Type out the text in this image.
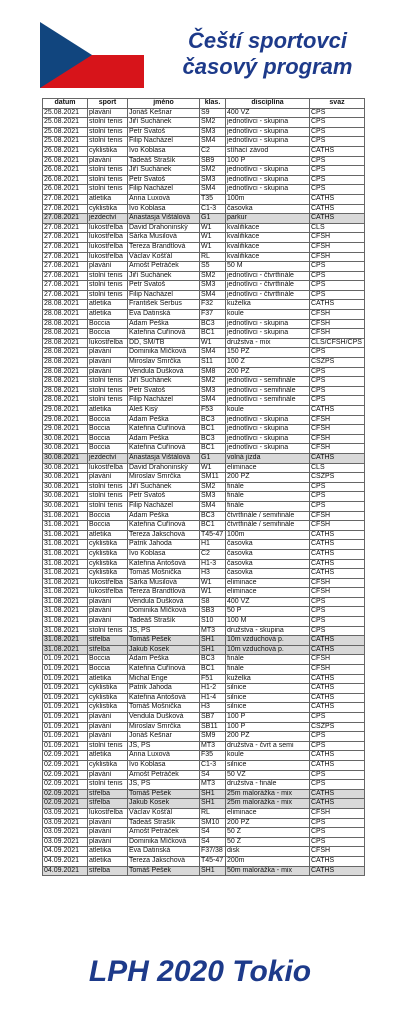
Čeští sportovci
časový program
datum	sport	jméno	klas.	disciplína	svaz
25.08.2021	plavání	Jonáš Kešnar	S9	400 VZ	ČPS
25.08.2021	stolní tenis	Jiří Suchánek	SM2	jednotlivci - skupina	ČPS
25.08.2021	stolní tenis	Petr Svatoš	SM3	jednotlivci - skupina	ČPS
25.08.2021	stolní tenis	Filip Nacházel	SM4	jednotlivci - skupina	ČPS
26.08.2021	cyklistika	Ivo Koblasa	C2	stíhací závod	ČATHS
26.08.2021	plavání	Tadeáš Strašík	SB9	100 P	ČPS
26.08.2021	stolní tenis	Jiří Suchánek	SM2	jednotlivci - skupina	ČPS
26.08.2021	stolní tenis	Petr Svatoš	SM3	jednotlivci - skupina	ČPS
26.08.2021	stolní tenis	Filip Nacházel	SM4	jednotlivci - skupina	ČPS
27.08.2021	atletika	Anna Luxová	T35	100m	ČATHS
27.08.2021	cyklistika	Ivo Koblasa	C1-3	časovka	ČATHS
27.08.2021	jezdectví	Anastasja Vištálová	G1	parkur	ČATHS
27.08.2021	lukostřelba	David Drahoninský	W1	kvalifikace	ČLS
27.08.2021	lukostřelba	Šárka Musilová	W1	kvalifikace	ČFSH
27.08.2021	lukostřelba	Tereza Brandtlová	W1	kvalifikace	ČFSH
27.08.2021	lukostřelba	Václav Košťál	RL	kvalifikace	ČFSH
27.08.2021	plavání	Arnošt Petráček	S5	50 M	ČPS
27.08.2021	stolní tenis	Jiří Suchánek	SM2	jednotlivci - čtvrtfinále	ČPS
27.08.2021	stolní tenis	Petr Svatoš	SM3	jednotlivci - čtvrtfinále	ČPS
27.08.2021	stolní tenis	Filip Nacházel	SM4	jednotlivci - čtvrtfinále	ČPS
28.08.2021	atletika	František Serbus	F32	kuželka	ČATHS
28.08.2021	atletika	Eva Datinská	F37	koule	ČFSH
28.08.2021	Boccia	Adam Peška	BC3	jednotlivci - skupina	ČFSH
28.08.2021	Boccia	Kateřina Cuřínová	BC1	jednotlivci - skupina	ČFSH
28.08.2021	lukostřelba	DD, ŠM/TB	W1	družstva - mix	ČLS/ČFSH/ČPS
28.08.2021	plavání	Dominika Míčková	SM4	150 PZ	ČPS
28.08.2021	plavání	Miroslav Smrčka	S11	100 Z	ČSZPS
28.08.2021	plavání	Vendula Dušková	SM8	200 PZ	ČPS
28.08.2021	stolní tenis	Jiří Suchánek	SM2	jednotlivci - semifinále	ČPS
28.08.2021	stolní tenis	Petr Svatoš	SM3	jednotlivci - semifinále	ČPS
28.08.2021	stolní tenis	Filip Nacházel	SM4	jednotlivci - semifinále	ČPS
29.08.2021	atletika	Aleš Kisý	F53	koule	ČATHS
29.08.2021	Boccia	Adam Peška	BC3	jednotlivci - skupina	ČFSH
29.08.2021	Boccia	Kateřina Cuřínová	BC1	jednotlivci - skupina	ČFSH
30.08.2021	Boccia	Adam Peška	BC3	jednotlivci - skupina	ČFSH
30.08.2021	Boccia	Kateřina Cuřínová	BC1	jednotlivci - skupina	ČFSH
30.08.2021	jezdectví	Anastasja Vištálová	G1	volná jízda	ČATHS
30.08.2021	lukostřelba	David Drahoninský	W1	eliminace	ČLS
30.08.2021	plavání	Miroslav Smrčka	SM11	200 PZ	ČSZPS
30.08.2021	stolní tenis	Jiří Suchánek	SM2	finále	ČPS
30.08.2021	stolní tenis	Petr Svatoš	SM3	finále	ČPS
30.08.2021	stolní tenis	Filip Nacházel	SM4	finále	ČPS
31.08.2021	Boccia	Adam Peška	BC3	čtvrtfinále / semifinále	ČFSH
31.08.2021	Boccia	Kateřina Cuřínová	BC1	čtvrtfinále / semifinále	ČFSH
31.08.2021	atletika	Tereza Jakschová	T45-47	100m	ČATHS
31.08.2021	cyklistika	Patrik Jahoda	H1	časovka	ČATHS
31.08.2021	cyklistika	Ivo Koblasa	C2	časovka	ČATHS
31.08.2021	cyklistika	Kateřina Antošová	H1-3	časovka	ČATHS
31.08.2021	cyklistika	Tomáš Mošnička	H3	časovka	ČATHS
31.08.2021	lukostřelba	Šárka Musilová	W1	eliminace	ČFSH
31.08.2021	lukostřelba	Tereza Brandtlová	W1	eliminace	ČFSH
31.08.2021	plavání	Vendula Dušková	S8	400 VZ	ČPS
31.08.2021	plavání	Dominika Míčková	SB3	50 P	ČPS
31.08.2021	plavání	Tadeáš Strašík	S10	100 M	ČPS
31.08.2021	stolní tenis	JS, PS	MT3	družstva - skupina	ČPS
31.08.2021	střelba	Tomáš Pešek	SH1	10m vzduchová p.	ČATHS
31.08.2021	střelba	Jakub Kosek	SH1	10m vzduchová p.	ČATHS
01.09.2021	Boccia	Adam Peška	BC3	finále	ČFSH
01.09.2021	Boccia	Kateřina Cuřínová	BC1	finále	ČFSH
01.09.2021	atletika	Michal Enge	F51	kuželka	ČATHS
01.09.2021	cyklistika	Patrik Jahoda	H1-2	silnice	ČATHS
01.09.2021	cyklistika	Kateřina Antošová	H1-4	silnice	ČATHS
01.09.2021	cyklistika	Tomáš Mošnička	H3	silnice	ČATHS
01.09.2021	plavání	Vendula Dušková	SB7	100 P	ČPS
01.09.2021	plavání	Miroslav Smrčka	SB11	100 P	ČSZPS
01.09.2021	plavání	Jonáš Kešnar	SM9	200 PZ	ČPS
01.09.2021	stolní tenis	JS, PS	MT3	družstva - čvrt a semi	ČPS
02.09.2021	atletika	Anna Luxová	F35	koule	ČATHS
02.09.2021	cyklistika	Ivo Koblasa	C1-3	silnice	ČATHS
02.09.2021	plavání	Arnošt Petráček	S4	50 VZ	ČPS
02.09.2021	stolní tenis	JS, PS	MT3	družstva - finále	ČPS
02.09.2021	střelba	Tomáš Pešek	SH1	25m malorážka - mix	ČATHS
02.09.2021	střelba	Jakub Kosek	SH1	25m malorážka - mix	ČATHS
03.09.2021	lukostřelba	Václav Košťál	RL	eliminace	ČFSH
03.09.2021	plavání	Tadeáš Strašík	SM10	200 PZ	ČPS
03.09.2021	plavání	Arnošt Petráček	S4	50 Z	ČPS
03.09.2021	plavání	Dominika Míčková	S4	50 Z	ČPS
04.09.2021	atletika	Eva Datinská	F37/38	disk	ČFSH
04.09.2021	atletika	Tereza Jakschová	T45-47	200m	ČATHS
04.09.2021	střelba	Tomáš Pešek	SH1	50m malorážka - mix	ČATHS
LPH 2020 Tokio
